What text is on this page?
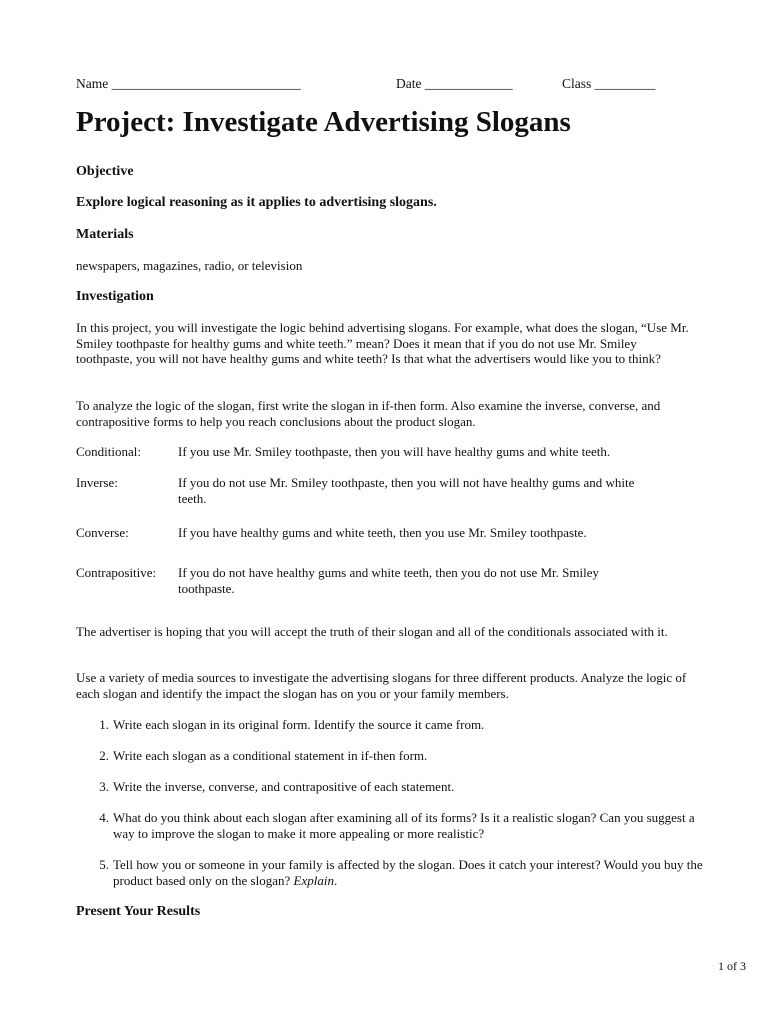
Name ____________________________	Date _____________	Class _________
Project: Investigate Advertising Slogans
Objective
Explore logical reasoning as it applies to advertising slogans.
Materials
newspapers, magazines, radio, or television
Investigation
In this project, you will investigate the logic behind advertising slogans. For example, what does the slogan, “Use Mr. Smiley toothpaste for healthy gums and white teeth.” mean? Does it mean that if you do not use Mr. Smiley toothpaste, you will not have healthy gums and white teeth? Is that what the advertisers would like you to think?
To analyze the logic of the slogan, first write the slogan in if-then form. Also examine the inverse, converse, and contrapositive forms to help you reach conclusions about the product slogan.
Conditional:	If you use Mr. Smiley toothpaste, then you will have healthy gums and white teeth.
Inverse:	If you do not use Mr. Smiley toothpaste, then you will not have healthy gums and white teeth.
Converse:	If you have healthy gums and white teeth, then you use Mr. Smiley toothpaste.
Contrapositive: If you do not have healthy gums and white teeth, then you do not use Mr. Smiley toothpaste.
The advertiser is hoping that you will accept the truth of their slogan and all of the conditionals associated with it.
Use a variety of media sources to investigate the advertising slogans for three different products. Analyze the logic of each slogan and identify the impact the slogan has on you or your family members.
1. Write each slogan in its original form. Identify the source it came from.
2. Write each slogan as a conditional statement in if-then form.
3. Write the inverse, converse, and contrapositive of each statement.
4. What do you think about each slogan after examining all of its forms? Is it a realistic slogan? Can you suggest a way to improve the slogan to make it more appealing or more realistic?
5. Tell how you or someone in your family is affected by the slogan. Does it catch your interest? Would you buy the product based only on the slogan? Explain.
Present Your Results
1 of 3
